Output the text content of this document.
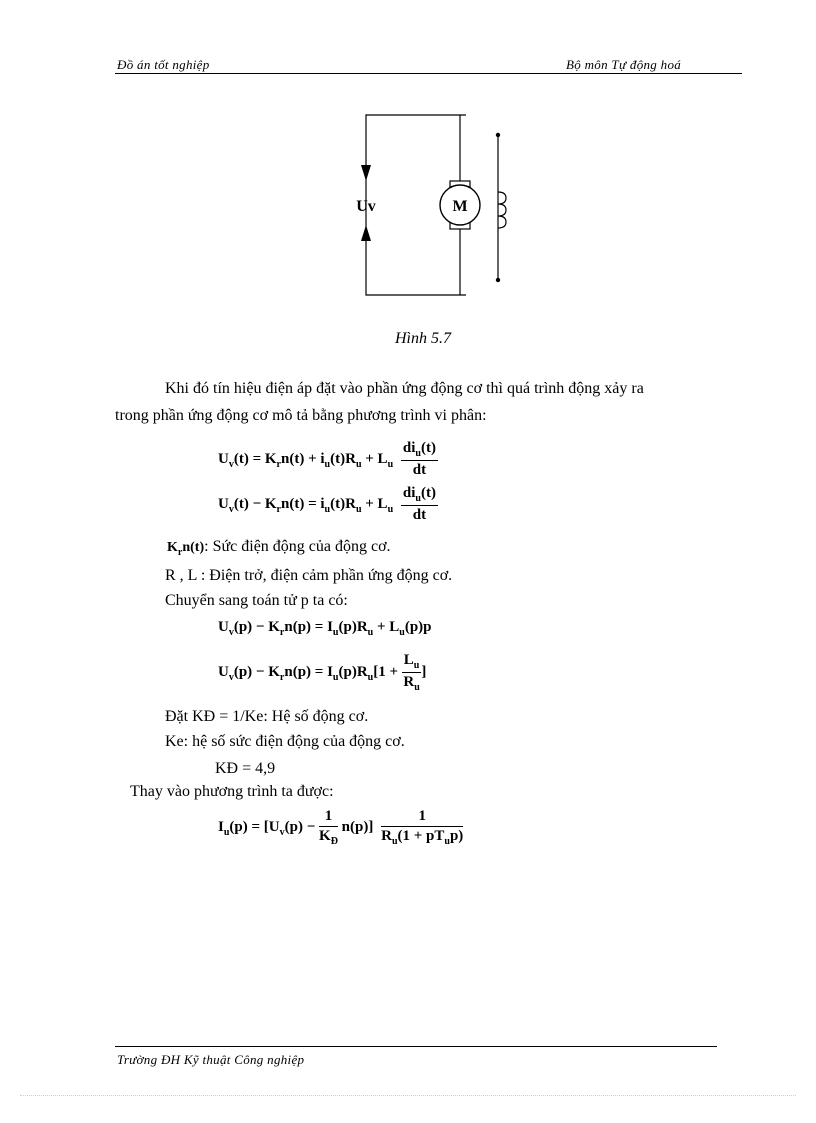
Đồ án tốt nghiệp	Bộ môn Tự động hoá
M
Uv
Hình 5.7
Khi đó tín hiệu điện áp đặt vào phần ứng động cơ thì quá trình động xảy ra
trong phần ứng động cơ mô tả bằng phương trình vi phân:
$U_v(t) = K_rn(t) + i_u(t)R_u + L_u \frac{di_u(t)}{dt}$
$U_v(t) - K_rn(t) = i_u(t)R_u + L_u \frac{di_u(t)}{dt}$
$K_rn(t)$: Sức điện động của động cơ.
R , L : Điện trở, điện cảm phần ứng động cơ.
Chuyển sang toán tử p ta có:
$U_v(p) - K_rn(p) = I_u(p)R_u + L_u(p)p$
$U_v(p) - K_rn(p) = I_u(p)R_u[1 + \frac{L_u}{R_u}$ ]
Đặt KĐ = 1/Ke: Hệ số động cơ.
Ke: hệ số sức điện động của động cơ.
KĐ = 4,9
Thay vào phương trình ta được:
$I_u(p) = [U_v(p) - \frac{1}{K_Đ} n(p)] \frac{1}{R_u(1 + pT_up)}$
Trường ĐH Kỹ thuật Công nghiệp
